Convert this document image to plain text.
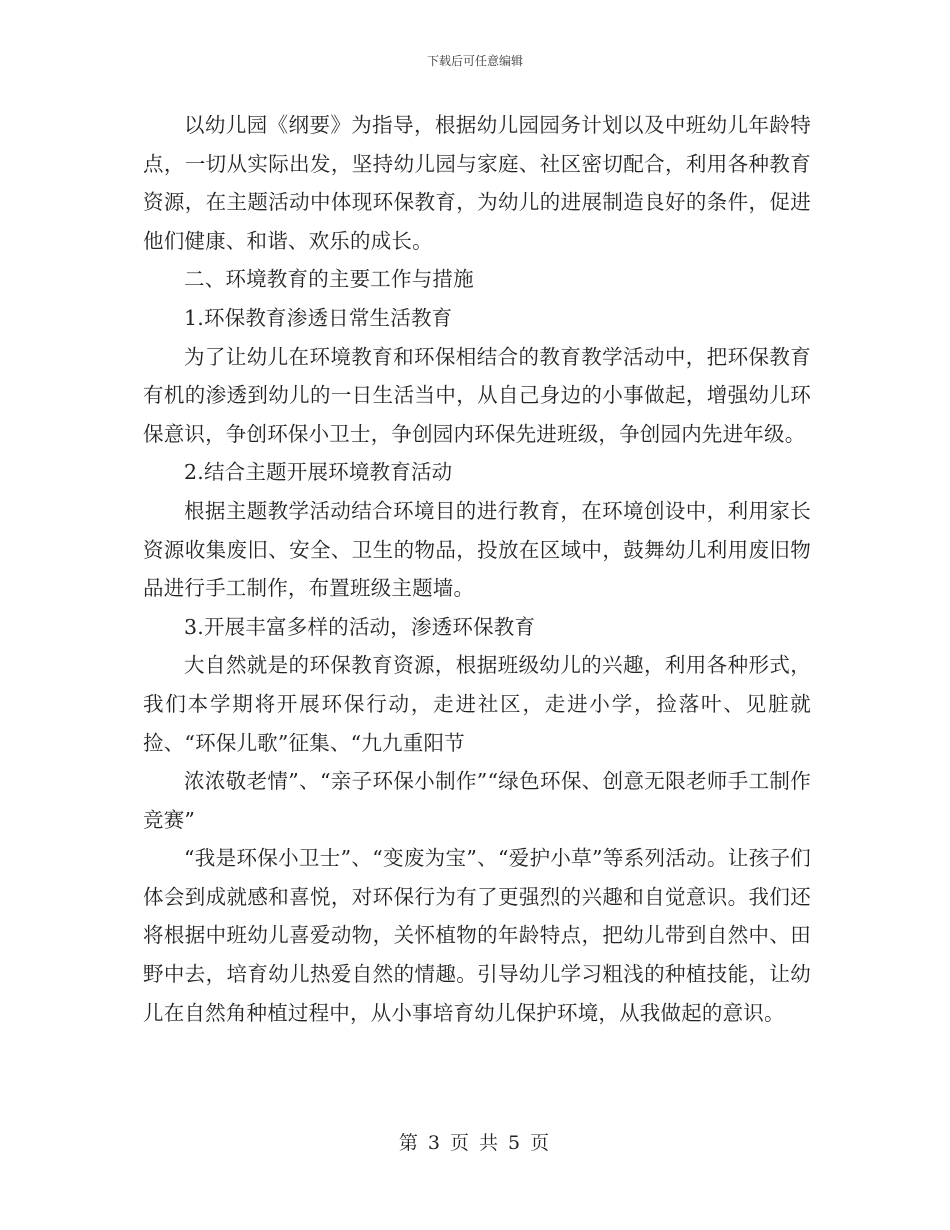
下载后可任意编辑

以幼儿园《纲要》为指导，根据幼儿园园务计划以及中班幼儿年龄特点，一切从实际出发，坚持幼儿园与家庭、社区密切配合，利用各种教育资源，在主题活动中体现环保教育，为幼儿的进展制造良好的条件，促进他们健康、和谐、欢乐的成长。

二、环境教育的主要工作与措施

1.环保教育渗透日常生活教育

为了让幼儿在环境教育和环保相结合的教育教学活动中，把环保教育有机的渗透到幼儿的一日生活当中，从自己身边的小事做起，增强幼儿环保意识，争创环保小卫士，争创园内环保先进班级，争创园内先进年级。

2.结合主题开展环境教育活动

根据主题教学活动结合环境目的进行教育，在环境创设中，利用家长资源收集废旧、安全、卫生的物品，投放在区域中，鼓舞幼儿利用废旧物品进行手工制作，布置班级主题墙。

3.开展丰富多样的活动，渗透环保教育

大自然就是的环保教育资源，根据班级幼儿的兴趣，利用各种形式，我们本学期将开展环保行动，走进社区，走进小学，捡落叶、见脏就捡、“环保儿歌”征集、“九九重阳节

浓浓敬老情”、“亲子环保小制作”“绿色环保、创意无限老师手工制作竞赛”

“我是环保小卫士”、“变废为宝”、“爱护小草”等系列活动。让孩子们体会到成就感和喜悦，对环保行为有了更强烈的兴趣和自觉意识。我们还将根据中班幼儿喜爱动物，关怀植物的年龄特点，把幼儿带到自然中、田野中去，培育幼儿热爱自然的情趣。引导幼儿学习粗浅的种植技能，让幼儿在自然角种植过程中，从小事培育幼儿保护环境，从我做起的意识。

第 3 页 共 5 页
